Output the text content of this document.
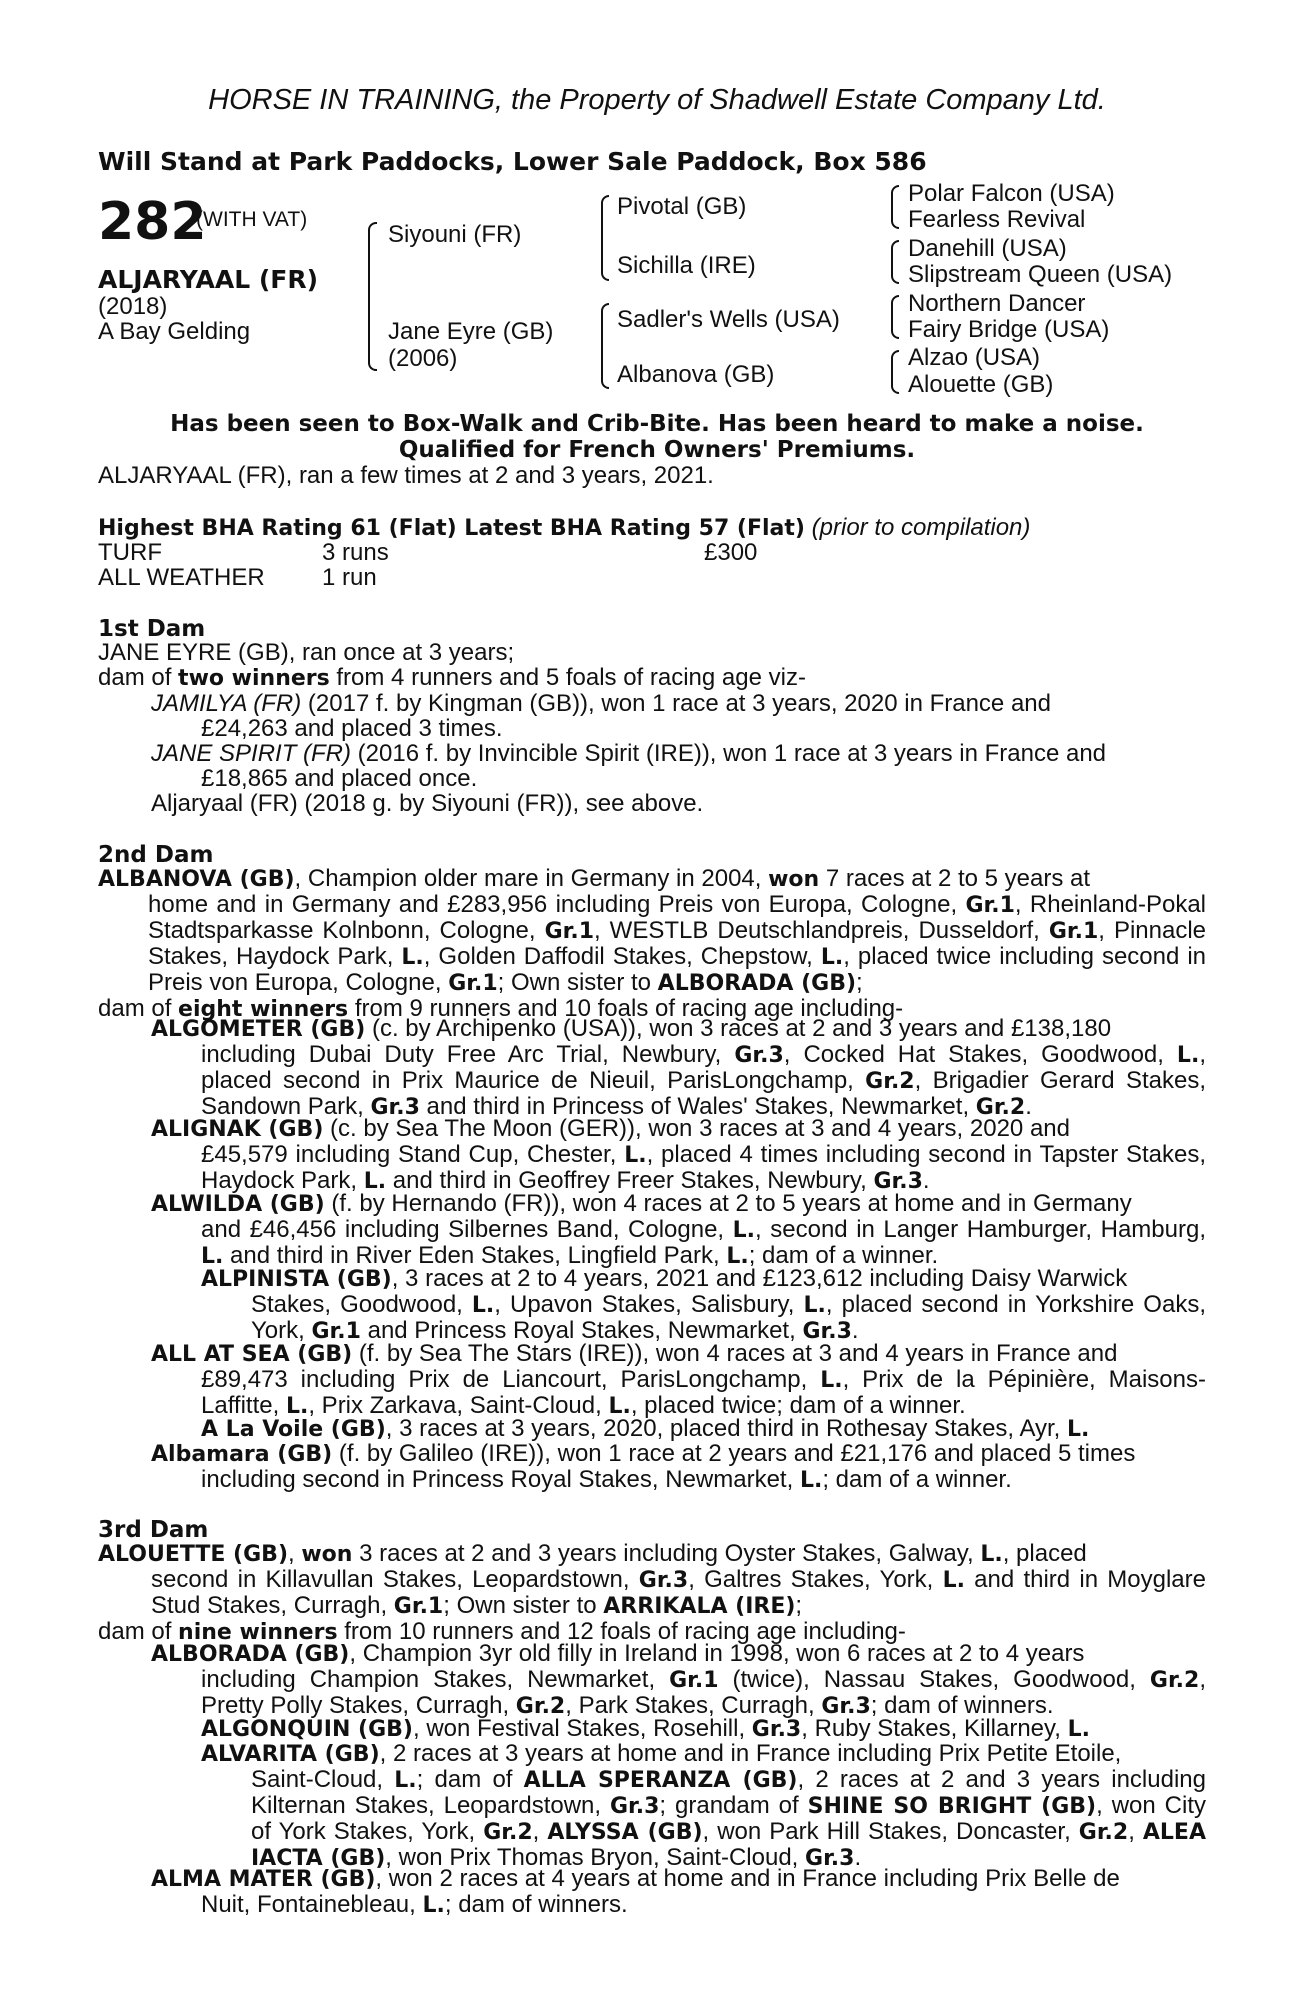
HORSE IN TRAINING, the Property of Shadwell Estate Company Ltd.
Will Stand at Park Paddocks, Lower Sale Paddock, Box 586
282
(WITH VAT)
ALJARYAAL (FR)
(2018)
A Bay Gelding
Siyouni (FR)
Jane Eyre (GB)
(2006)
Pivotal (GB)
Sichilla (IRE)
Sadler's Wells (USA)
Albanova (GB)
Polar Falcon (USA)
Fearless Revival
Danehill (USA)
Slipstream Queen (USA)
Northern Dancer
Fairy Bridge (USA)
Alzao (USA)
Alouette (GB)
Has been seen to Box-Walk and Crib-Bite. Has been heard to make a noise.
Qualified for French Owners' Premiums.
ALJARYAAL (FR), ran a few times at 2 and 3 years, 2021.
Highest BHA Rating 61 (Flat) Latest BHA Rating 57 (Flat) (prior to compilation)
TURF	3 runs	£300
ALL WEATHER 1 run
1st Dam
JANE EYRE (GB), ran once at 3 years;
dam of two winners from 4 runners and 5 foals of racing age viz-
JAMILYA (FR) (2017 f. by Kingman (GB)), won 1 race at 3 years, 2020 in France and
£24,263 and placed 3 times.
JANE SPIRIT (FR) (2016 f. by Invincible Spirit (IRE)), won 1 race at 3 years in France and
£18,865 and placed once.
Aljaryaal (FR) (2018 g. by Siyouni (FR)), see above.
2nd Dam
ALBANOVA (GB), Champion older mare in Germany in 2004, won 7 races at 2 to 5 years at

home and in Germany and £283,956 including Preis von Europa, Cologne, Gr.1, Rheinland-Pokal Stadtsparkasse Kolnbonn, Cologne, Gr.1, WESTLB Deutschlandpreis, Dusseldorf, Gr.1, Pinnacle Stakes, Haydock Park, L., Golden Daffodil Stakes, Chepstow, L., placed twice including second in Preis von Europa, Cologne, Gr.1; Own sister to ALBORADA (GB);
dam of eight winners from 9 runners and 10 foals of racing age including-
ALGOMETER (GB) (c. by Archipenko (USA)), won 3 races at 2 and 3 years and £138,180
including Dubai Duty Free Arc Trial, Newbury, Gr.3, Cocked Hat Stakes, Goodwood, L., placed second in Prix Maurice de Nieuil, ParisLongchamp, Gr.2, Brigadier Gerard Stakes, Sandown Park, Gr.3 and third in Princess of Wales' Stakes, Newmarket, Gr.2.
ALIGNAK (GB) (c. by Sea The Moon (GER)), won 3 races at 3 and 4 years, 2020 and
£45,579 including Stand Cup, Chester, L., placed 4 times including second in Tapster Stakes, Haydock Park, L. and third in Geoffrey Freer Stakes, Newbury, Gr.3.
ALWILDA (GB) (f. by Hernando (FR)), won 4 races at 2 to 5 years at home and in Germany
and £46,456 including Silbernes Band, Cologne, L., second in Langer Hamburger, Hamburg, L. and third in River Eden Stakes, Lingfield Park, L.; dam of a winner.
ALPINISTA (GB), 3 races at 2 to 4 years, 2021 and £123,612 including Daisy Warwick
Stakes, Goodwood, L., Upavon Stakes, Salisbury, L., placed second in Yorkshire Oaks, York, Gr.1 and Princess Royal Stakes, Newmarket, Gr.3.
ALL AT SEA (GB) (f. by Sea The Stars (IRE)), won 4 races at 3 and 4 years in France and
£89,473 including Prix de Liancourt, ParisLongchamp, L., Prix de la Pépinière, Maisons-Laffitte, L., Prix Zarkava, Saint-Cloud, L., placed twice; dam of a winner.
A La Voile (GB), 3 races at 3 years, 2020, placed third in Rothesay Stakes, Ayr, L.
Albamara (GB) (f. by Galileo (IRE)), won 1 race at 2 years and £21,176 and placed 5 times
including second in Princess Royal Stakes, Newmarket, L.; dam of a winner.
3rd Dam
ALOUETTE (GB), won 3 races at 2 and 3 years including Oyster Stakes, Galway, L., placed
second in Killavullan Stakes, Leopardstown, Gr.3, Galtres Stakes, York, L. and third in Moyglare Stud Stakes, Curragh, Gr.1; Own sister to ARRIKALA (IRE);
dam of nine winners from 10 runners and 12 foals of racing age including-
ALBORADA (GB), Champion 3yr old filly in Ireland in 1998, won 6 races at 2 to 4 years
including Champion Stakes, Newmarket, Gr.1 (twice), Nassau Stakes, Goodwood, Gr.2, Pretty Polly Stakes, Curragh, Gr.2, Park Stakes, Curragh, Gr.3; dam of winners.
ALGONQUIN (GB), won Festival Stakes, Rosehill, Gr.3, Ruby Stakes, Killarney, L.
ALVARITA (GB), 2 races at 3 years at home and in France including Prix Petite Etoile,
Saint-Cloud, L.; dam of ALLA SPERANZA (GB), 2 races at 2 and 3 years including Kilternan Stakes, Leopardstown, Gr.3; grandam of SHINE SO BRIGHT (GB), won City of York Stakes, York, Gr.2, ALYSSA (GB), won Park Hill Stakes, Doncaster, Gr.2, ALEA IACTA (GB), won Prix Thomas Bryon, Saint-Cloud, Gr.3.
ALMA MATER (GB), won 2 races at 4 years at home and in France including Prix Belle de
Nuit, Fontainebleau, L.; dam of winners.
